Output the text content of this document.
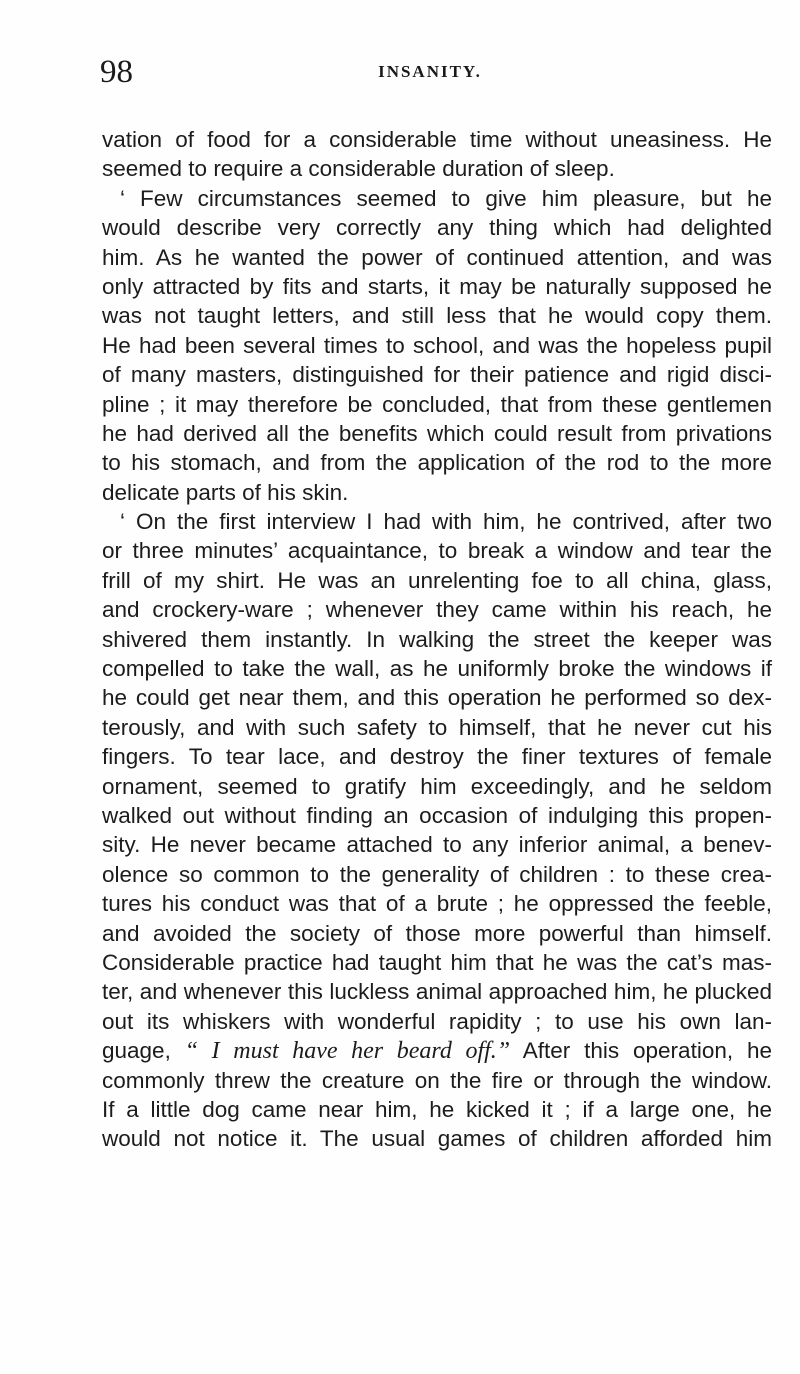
98	INSANITY.
vation of food for a considerable time without uneasiness. He
seemed to require a considerable duration of sleep.
‘ Few circumstances seemed to give him pleasure, but he
would describe very correctly any thing which had delighted
him. As he wanted the power of continued attention, and was
only attracted by fits and starts, it may be naturally supposed he
was not taught letters, and still less that he would copy them.
He had been several times to school, and was the hopeless pupil
of many masters, distinguished for their patience and rigid disci-
pline ; it may therefore be concluded, that from these gentlemen
he had derived all the benefits which could result from privations
to his stomach, and from the application of the rod to the more
delicate parts of his skin.
‘ On the first interview I had with him, he contrived, after two
or three minutes’ acquaintance, to break a window and tear the
frill of my shirt. He was an unrelenting foe to all china, glass,
and crockery-ware ; whenever they came within his reach, he
shivered them instantly. In walking the street the keeper was
compelled to take the wall, as he uniformly broke the windows if
he could get near them, and this operation he performed so dex-
terously, and with such safety to himself, that he never cut his
fingers. To tear lace, and destroy the finer textures of female
ornament, seemed to gratify him exceedingly, and he seldom
walked out without finding an occasion of indulging this propen-
sity. He never became attached to any inferior animal, a benev-
olence so common to the generality of children : to these crea-
tures his conduct was that of a brute ; he oppressed the feeble,
and avoided the society of those more powerful than himself.
Considerable practice had taught him that he was the cat’s mas-
ter, and whenever this luckless animal approached him, he plucked
out its whiskers with wonderful rapidity ; to use his own lan-
guage, “ I must have her beard off.” After this operation, he
commonly threw the creature on the fire or through the window.
If a little dog came near him, he kicked it ; if a large one, he
would not notice it. The usual games of children afforded him
